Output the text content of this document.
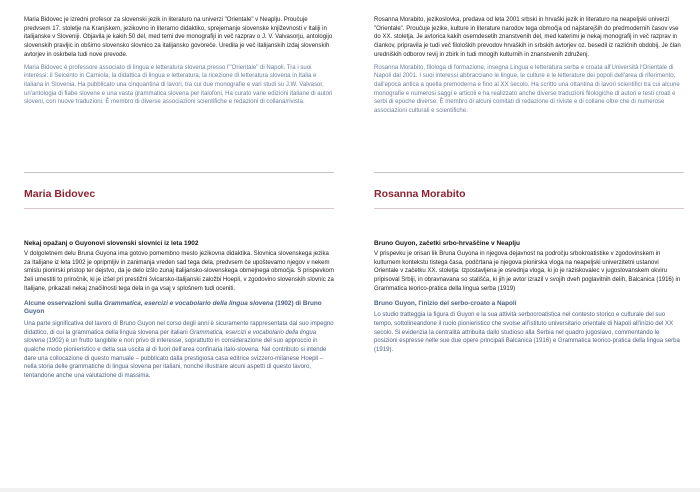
Maria Bidovec je izredni profesor za slovenski jezik in literaturo na univerzi "Orientale" v Neaplju. Proučuje predvsem 17. stoletje na Kranjskem, jezikovno in literarno didaktiko, sprejemanje slovenske književnosti v Italiji in italijanske v Sloveniji. Objavila je kakih 50 del, med temi dve monografiji in več razprav o J. V. Valvasorju, antologijo slovenskih pravljic in obširno slovensko slovnico za italijansko govoreče. Uredila je več italijanskih izdaj slovenskih avtorjev in oskrbela tudi nove prevode.

Maria Bidovec è professore associato di lingua e letteratura slovena presso l'"Orientale" di Napoli. Tra i suoi interessi: il Seicento in Carniola, la didattica di lingua e letteratura, la ricezione di letteratura slovena in Italia e italiana in Slovenia. Ha pubblicato una cinquantina di lavori, tra cui due monografie e vari studi su J.W. Valvasor, un'antologia di fiabe slovene e una vasta grammatica slovena per italofoni. Ha curato varie edizioni italiane di autori sloveni, con nuove traduzioni. È membro di diverse associazioni scientifiche e redazioni di collana/rivista.

Maria Bidovec
Nekaj opažanj o Guyonovi slovenski slovnici iz leta 1902

V dolgoletnem delu Bruna Guyona ima gotovo pomembno mesto jezikovna didaktika. Slovnica slovenskega jezika za Italijane iz leta 1902 je opripmljiv in zanimanja vreden sad tega dela, predvsem če upoštevamo njegov v nekem smislu pionirski pristop ter dejstvo, da je delo izšlo zunaj italijansko-slovenskega obmejnega območja. S prispevkom želi umestiti to priročnik, ki je izšel pri prestižni švicarsko-italijanski založbi Hoepli, v zgodovino slovenskih slovnic za Italijane, prikazati nekaj značilnosti tega dela in ga vsaj v splošnem tudi oceniti.

Alcune osservazioni sulla Grammatica, esercizi e vocabolario della lingua slovena (1902) di Bruno Guyon

Una parte significativa del lavoro di Bruno Guyon nel corso degli anni è sicuramente rappresentata dal suo impegno didattico, di cui la grammatica della lingua slovena per italiani Grammatica, esercizi e vocabolario della lingua slovena (1902) è un frutto tangibile e non privo di interesse, soprattutto in considerazione del suo approccio in qualche modo pionieristico e della sua uscita al di fuori dell'area confinaria italo-slovena. Nel contributo si intende dare una collocazione di questo manuale – pubblicato dalla prestigiosa casa editrice svizzero-milanese Hoepli – nella storia delle grammatiche di lingua slovena per italiani, nonché illustrare alcuni aspetti di questo lavoro, tentandone anche una valutazione di massima.

Rosanna Morabito, jezikoslovka, predava od leta 2001 srbski in hrvaški jezik in literaturo na neapeljski univerzi "Orientale". Proučuje jezike, kulture in literature narodov tega območja od najstarejših do predmodernih časov vse do XX. stoletja. Je avtorica kakih osemdesetih znanstvenih del, med katerimi je nekaj monografij in več razprav in člankov, pripravila je tudi več filoloških prevodov hrvaških in srbskih avtorjev oz. besedil iz različnih obdobij. Je član uredniških odborov revij in zbirk in tudi mnogih kulturnih in znanstvenih združenj.

Rosanna Morabito, filologa di formazione, insegna Lingua e letteratura serba e croata all'Università l'Orientale di Napoli dal 2001. I suoi interessi abbracciano le lingue, le culture e le letterature dei popoli dell'area di riferimento, dall'epoca antica a quella premoderna e fino al XX secolo. Ha scritto una ottantina di lavori scientifici tra cui alcune monografie e numerosi saggi e articoli e ha realizzato anche diverse traduzioni filologiche di autori e testi croati e serbi di epoche diverse. È membro di alcuni comitati di redazione di riviste e di collane oltre che di numerose associazioni culturali e scientifiche.

Rosanna Morabito
Bruno Guyon, začetki srbo-hrvaščine v Neaplju

V prispevku je orisan lik Bruna Guyona in njegova dejavnost na področju srbokroatistike v zgodovinskem in kulturnem kontekstu tistega časa, podčrtana je njegova pionirska vloga na neapeljski univerzitetni ustanovi Orientale v začetku XX. stoletja. Izpostavljena je osrednja vloga, ki jo je raziskovalec v jugoslovanskem okviru pripisoval Srbiji, in obravnavana so stališča, ki jih je avtor izrazil v svojih dveh poglavitnih delih, Balcanica (1916) in Grammatica teorico-pratica della lingua serba (1919)

Bruno Guyon, l'inizio del serbo-croato a Napoli

Lo studio tratteggia la figura di Guyon e la sua attività serbocroatistica nel contesto storico e culturale del suo tempo, sottolineandone il ruolo pionieristico che svolse all'istituto universitario orientale di Napoli all'inizio del XX secolo. Si evidenzia la centralità attribuita dallo studioso alla Serbia nel quadro jugoslavo, commentando le posizioni espresse nelle sue due opere principali Balcanica (1916) e Grammatica teorico-pratica della lingua serba (1919).
